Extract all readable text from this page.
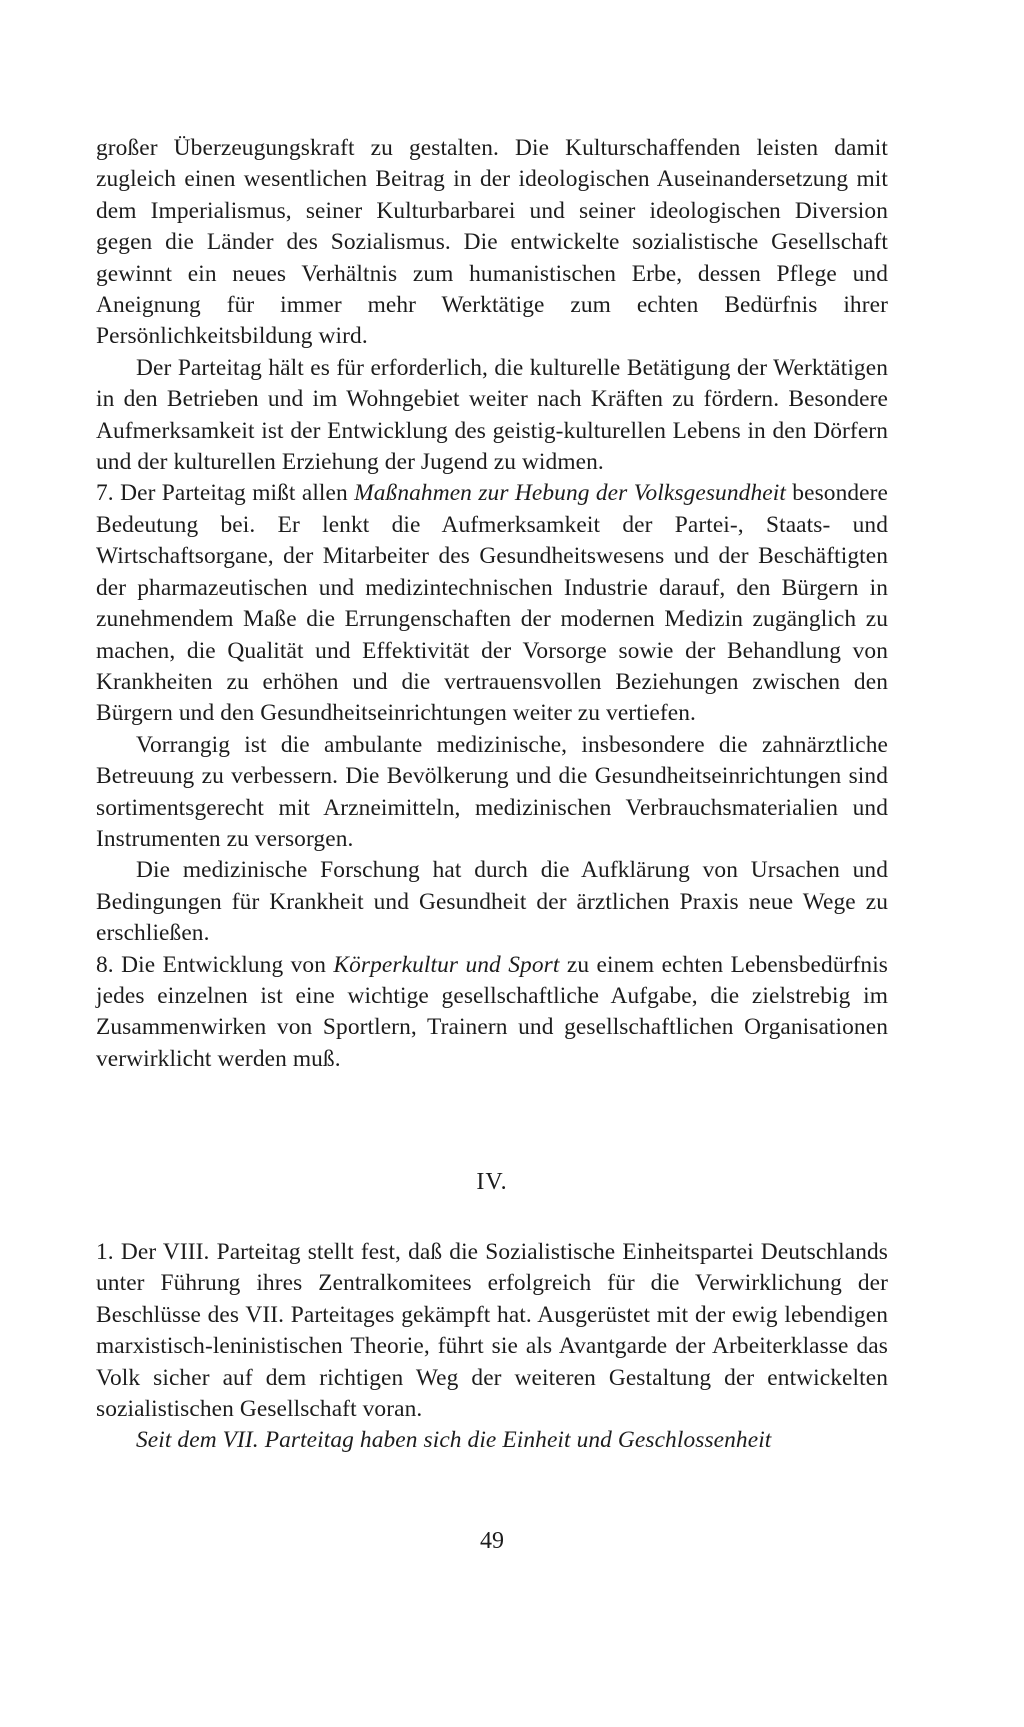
großer Überzeugungskraft zu gestalten. Die Kulturschaffenden leisten damit zugleich einen wesentlichen Beitrag in der ideologischen Auseinandersetzung mit dem Imperialismus, seiner Kulturbarbarei und seiner ideologischen Diversion gegen die Länder des Sozialismus. Die entwickelte sozialistische Gesellschaft gewinnt ein neues Verhältnis zum humanistischen Erbe, dessen Pflege und Aneignung für immer mehr Werktätige zum echten Bedürfnis ihrer Persönlichkeitsbildung wird.

Der Parteitag hält es für erforderlich, die kulturelle Betätigung der Werktätigen in den Betrieben und im Wohngebiet weiter nach Kräften zu fördern. Besondere Aufmerksamkeit ist der Entwicklung des geistig-kulturellen Lebens in den Dörfern und der kulturellen Erziehung der Jugend zu widmen.

7. Der Parteitag mißt allen Maßnahmen zur Hebung der Volksgesundheit besondere Bedeutung bei. Er lenkt die Aufmerksamkeit der Partei-, Staats- und Wirtschaftsorgane, der Mitarbeiter des Gesundheitswesens und der Beschäftigten der pharmazeutischen und medizintechnischen Industrie darauf, den Bürgern in zunehmendem Maße die Errungenschaften der modernen Medizin zugänglich zu machen, die Qualität und Effektivität der Vorsorge sowie der Behandlung von Krankheiten zu erhöhen und die vertrauensvollen Beziehungen zwischen den Bürgern und den Gesundheitseinrichtungen weiter zu vertiefen.

Vorrangig ist die ambulante medizinische, insbesondere die zahnärztliche Betreuung zu verbessern. Die Bevölkerung und die Gesundheitseinrichtungen sind sortimentsgerecht mit Arzneimitteln, medizinischen Verbrauchsmaterialien und Instrumenten zu versorgen.

Die medizinische Forschung hat durch die Aufklärung von Ursachen und Bedingungen für Krankheit und Gesundheit der ärztlichen Praxis neue Wege zu erschließen.

8. Die Entwicklung von Körperkultur und Sport zu einem echten Lebensbedürfnis jedes einzelnen ist eine wichtige gesellschaftliche Aufgabe, die zielstrebig im Zusammenwirken von Sportlern, Trainern und gesellschaftlichen Organisationen verwirklicht werden muß.

IV.

1. Der VIII. Parteitag stellt fest, daß die Sozialistische Einheitspartei Deutschlands unter Führung ihres Zentralkomitees erfolgreich für die Verwirklichung der Beschlüsse des VII. Parteitages gekämpft hat. Ausgerüstet mit der ewig lebendigen marxistisch-leninistischen Theorie, führt sie als Avantgarde der Arbeiterklasse das Volk sicher auf dem richtigen Weg der weiteren Gestaltung der entwickelten sozialistischen Gesellschaft voran.

Seit dem VII. Parteitag haben sich die Einheit und Geschlossenheit

49
